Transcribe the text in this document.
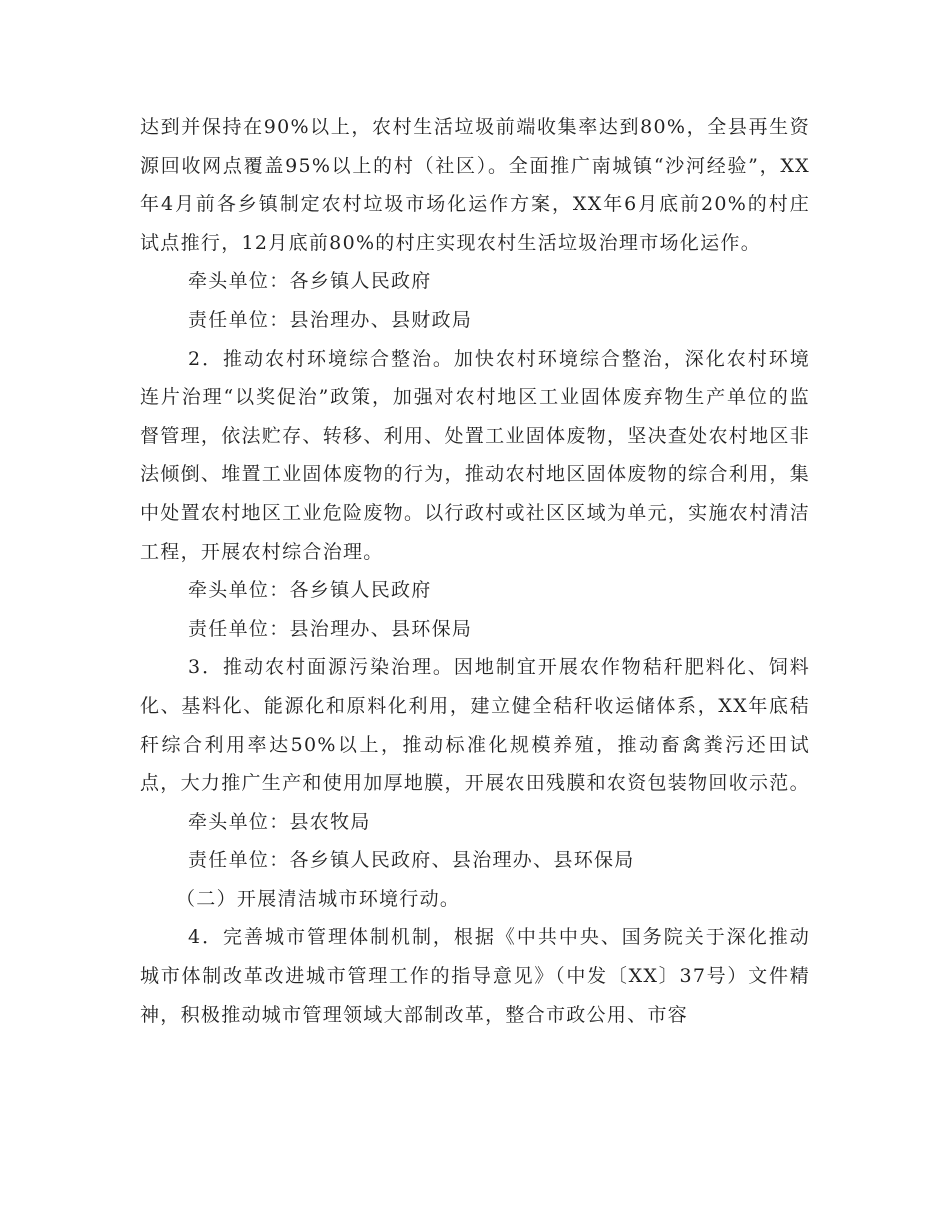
达到并保持在90%以上，农村生活垃圾前端收集率达到80%，全县再生资源回收网点覆盖95%以上的村（社区）。全面推广南城镇“沙河经验”，XX年4月前各乡镇制定农村垃圾市场化运作方案，XX年6月底前20%的村庄试点推行，12月底前80%的村庄实现农村生活垃圾治理市场化运作。

牵头单位：各乡镇人民政府

责任单位：县治理办、县财政局

2．推动农村环境综合整治。加快农村环境综合整治，深化农村环境连片治理“以奖促治”政策，加强对农村地区工业固体废弃物生产单位的监督管理，依法贮存、转移、利用、处置工业固体废物，坚决查处农村地区非法倾倒、堆置工业固体废物的行为，推动农村地区固体废物的综合利用，集中处置农村地区工业危险废物。以行政村或社区区域为单元，实施农村清洁工程，开展农村综合治理。

牵头单位：各乡镇人民政府

责任单位：县治理办、县环保局

3．推动农村面源污染治理。因地制宜开展农作物秸秆肥料化、饲料化、基料化、能源化和原料化利用，建立健全秸秆收运储体系，XX年底秸秆综合利用率达50%以上，推动标准化规模养殖，推动畜禽粪污还田试点，大力推广生产和使用加厚地膜，开展农田残膜和农资包装物回收示范。

牵头单位：县农牧局

责任单位：各乡镇人民政府、县治理办、县环保局

（二）开展清洁城市环境行动。

4．完善城市管理体制机制，根据《中共中央、国务院关于深化推动城市体制改革改进城市管理工作的指导意见》（中发〔XX〕37号）文件精神，积极推动城市管理领域大部制改革，整合市政公用、市容
